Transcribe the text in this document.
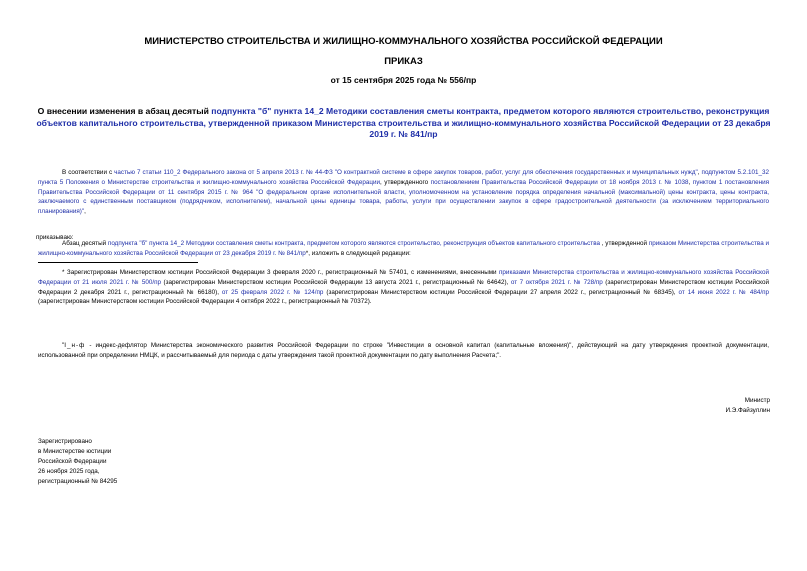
МИНИСТЕРСТВО СТРОИТЕЛЬСТВА И ЖИЛИЩНО-КОММУНАЛЬНОГО ХОЗЯЙСТВА РОССИЙСКОЙ ФЕДЕРАЦИИ
ПРИКАЗ
от 15 сентября 2025 года № 556/пр
О внесении изменения в абзац десятый подпункта "б" пункта 14_2 Методики составления сметы контракта, предметом которого являются строительство, реконструкция объектов капитального строительства, утвержденной приказом Министерства строительства и жилищно-коммунального хозяйства Российской Федерации от 23 декабря 2019 г. № 841/пр
В соответствии с частью 7 статьи 110_2 Федерального закона от 5 апреля 2013 г. № 44-ФЗ "О контрактной системе в сфере закупок товаров, работ, услуг для обеспечения государственных и муниципальных нужд", подпунктом 5.2.101_32 пункта 5 Положения о Министерстве строительства и жилищно-коммунального хозяйства Российской Федерации, утвержденного постановлением Правительства Российской Федерации от 18 ноября 2013 г. № 1038, пунктом 1 постановления Правительства Российской Федерации от 11 сентября 2015 г. № 964 "О федеральном органе исполнительной власти, уполномоченном на установление порядка определения начальной (максимальной) цены контракта, цены контракта, заключаемого с единственным поставщиком (подрядчиком, исполнителем), начальной цены единицы товара, работы, услуги при осуществлении закупок в сфере градостроительной деятельности (за исключением территориального планирования)",
приказываю:
Абзац десятый подпункта "б" пункта 14_2 Методики составления сметы контракта, предметом которого являются строительство, реконструкция объектов капитального строительства , утвержденной приказом Министерства строительства и жилищно-коммунального хозяйства Российской Федерации от 23 декабря 2019 г. № 841/пр*, изложить в следующей редакции:
* Зарегистрирован Министерством юстиции Российской Федерации 3 февраля 2020 г., регистрационный № 57401, с изменениями, внесенными приказами Министерства строительства и жилищно-коммунального хозяйства Российской Федерации от 21 июля 2021 г. № 500/пр (зарегистрирован Министерством юстиции Российской Федерации 13 августа 2021 г., регистрационный № 64642), от 7 октября 2021 г. № 728/пр (зарегистрирован Министерством юстиции Российской Федерации 2 декабря 2021 г., регистрационный № 66180), от 25 февраля 2022 г. № 124/пр (зарегистрирован Министерством юстиции Российской Федерации 27 апреля 2022 г., регистрационный № 68345), от 14 июня 2022 г. № 484/пр (зарегистрирован Министерством юстиции Российской Федерации 4 октября 2022 г., регистрационный № 70372).
"I_н-ф - индекс-дефлятор Министерства экономического развития Российской Федерации по строке "Инвестиции в основной капитал (капитальные вложения)", действующий на дату утверждения проектной документации, использованной при определении НМЦК, и рассчитываемый для периода с даты утверждения такой проектной документации по дату выполнения Расчета;".
Министр
И.Э.Файзуллин
Зарегистрировано
в Министерстве юстиции
Российской Федерации
26 ноября 2025 года,
регистрационный № 84295
